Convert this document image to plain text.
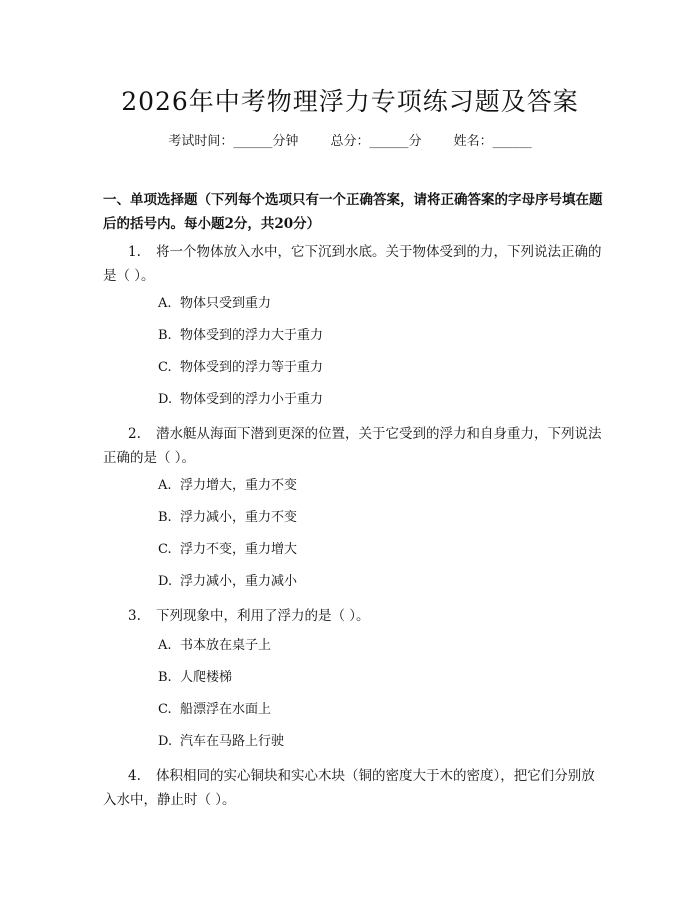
2026年中考物理浮力专项练习题及答案
考试时间：______分钟 总分：______分 姓名：______
一、单项选择题（下列每个选项只有一个正确答案，请将正确答案的字母序号填在题后的括号内。每小题2分，共20分）
1. 将一个物体放入水中，它下沉到水底。关于物体受到的力，下列说法正确的是（ ）。
A. 物体只受到重力
B. 物体受到的浮力大于重力
C. 物体受到的浮力等于重力
D. 物体受到的浮力小于重力
2. 潜水艇从海面下潜到更深的位置，关于它受到的浮力和自身重力，下列说法正确的是（ ）。
A. 浮力增大，重力不变
B. 浮力减小，重力不变
C. 浮力不变，重力增大
D. 浮力减小，重力减小
3. 下列现象中，利用了浮力的是（ ）。
A. 书本放在桌子上
B. 人爬楼梯
C. 船漂浮在水面上
D. 汽车在马路上行驶
4. 体积相同的实心铜块和实心木块（铜的密度大于木的密度），把它们分别放入水中，静止时（ ）。
